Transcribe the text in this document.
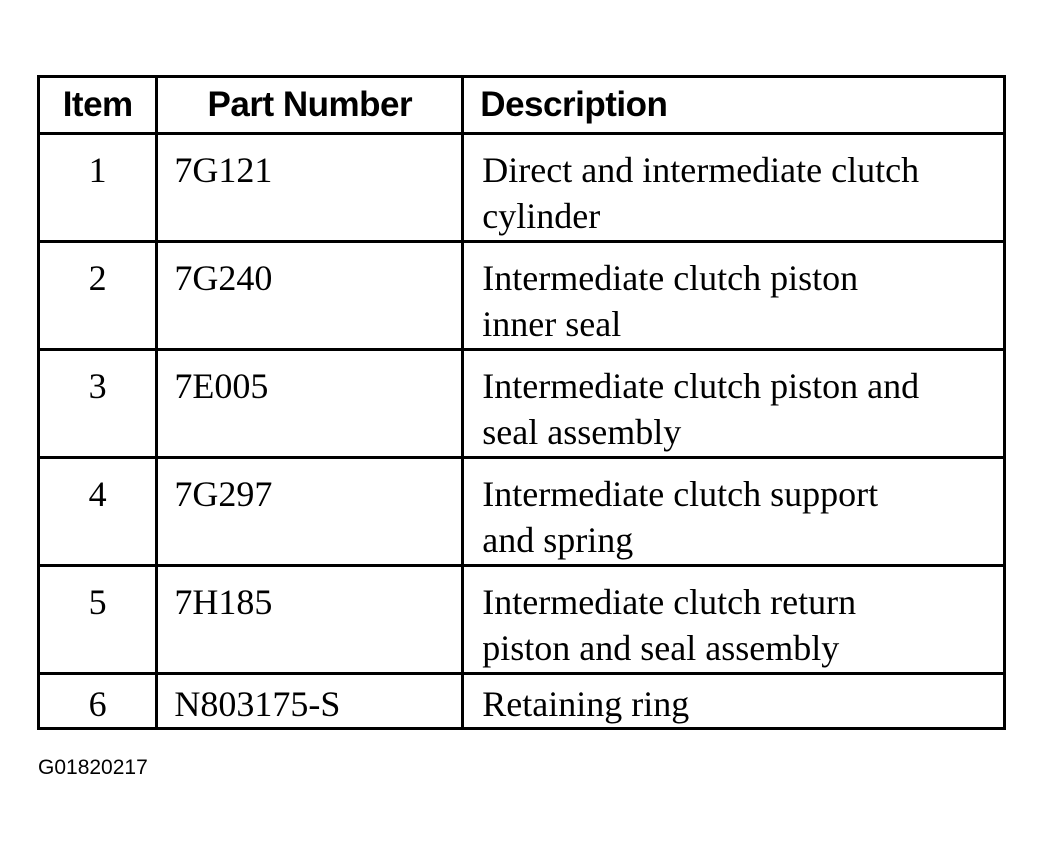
Item	Part Number	Description
1	7G121	Direct and intermediate clutch
cylinder

2	7G240	Intermediate clutch piston
inner seal

3	7E005	Intermediate clutch piston and
seal assembly

4	7G297	Intermediate clutch support
and spring

5	7H185	Intermediate clutch return
piston and seal assembly

6	N803175-S	Retaining ring
G01820217
